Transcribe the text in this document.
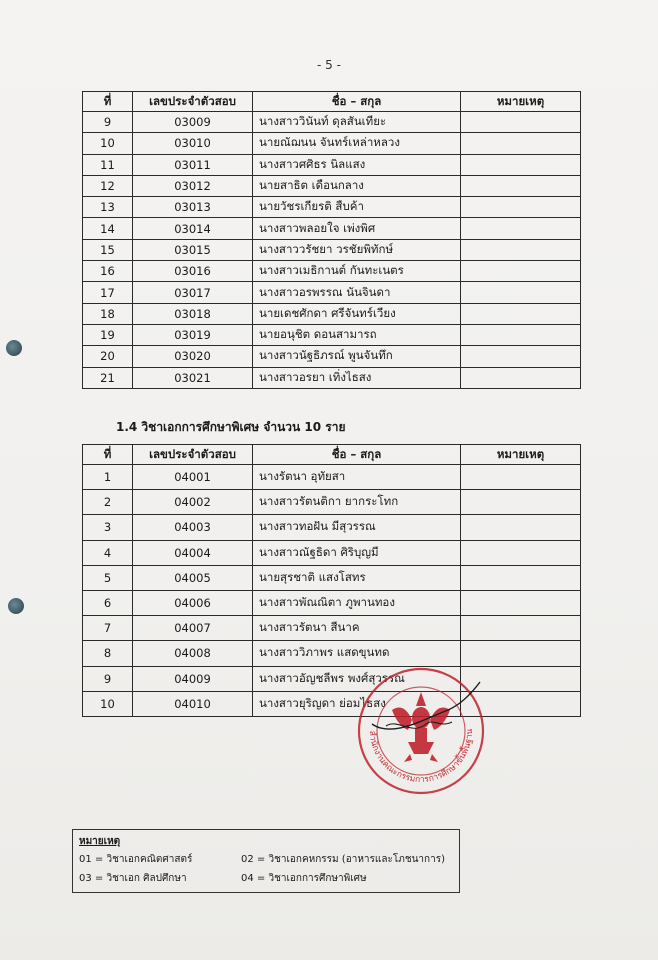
- 5 -
ที่	เลขประจำตัวสอบ	ชื่อ – สกุล	หมายเหตุ
9	03009	นางสาววินันท์ ดุลสันเทียะ	
10	03010	นายณัฌนน จันทร์เหล่าหลวง	
11	03011	นางสาวศศิธร นิลแสง	
12	03012	นายสาธิต เดือนกลาง	
13	03013	นายวัชรเกียรติ สืบค้า	
14	03014	นางสาวพลอยใจ เพ่งพิศ	
15	03015	นางสาววรัชยา วรชัยพิทักษ์	
16	03016	นางสาวเมธิกานต์ กันทะเนตร	
17	03017	นางสาวอรพรรณ นันจินดา	
18	03018	นายเดชศักดา ศรีจันทร์เวียง	
19	03019	นายอนุชิต ดอนสามารถ	
20	03020	นางสาวนัฐธิภรณ์ พูนจันทึก	
21	03021	นางสาวอรยา เทิ่งไธสง	
1.4 วิชาเอกการศึกษาพิเศษ จำนวน 10 ราย
ที่	เลขประจำตัวสอบ	ชื่อ – สกุล	หมายเหตุ
1	04001	นางรัตนา อุทัยสา	
2	04002	นางสาวรัตนติกา ยากระโทก	
3	04003	นางสาวทอฝัน มีสุวรรณ	
4	04004	นางสาวณัฐธิดา ศิริบุญมี	
5	04005	นายสุรชาติ แสงโสทร	
6	04006	นางสาวพัณณิตา ภูพานทอง	
7	04007	นางสาวรัตนา สีนาค	
8	04008	นางสาววิภาพร แสดขุนทด	
9	04009	นางสาวอัญชลีพร พงศ์สุวรรณ	
10	04010	นางสาวยุริญดา ย่อมไธสง	
สำนักงานคณะกรรมการการศึกษาขั้นพื้นฐาน
หมายเหตุ
01 = วิชาเอกคณิตศาสตร์	02 = วิชาเอกคหกรรม (อาหารและโภชนาการ)
03 = วิชาเอก ศิลปศึกษา	04 = วิชาเอกการศึกษาพิเศษ
